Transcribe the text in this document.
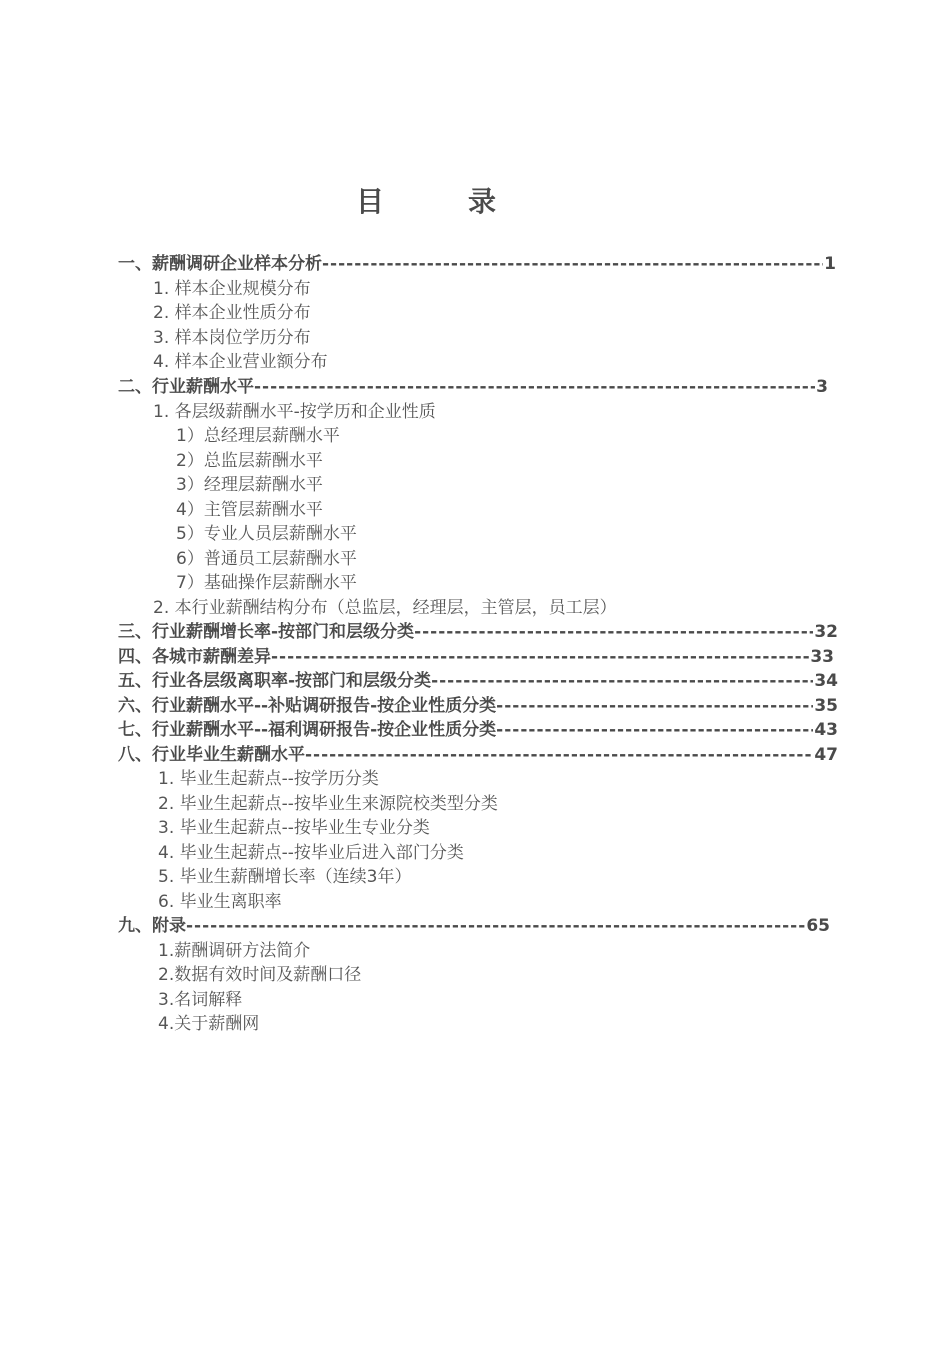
目　录
一、薪酬调研企业样本分析 -----	1
1. 样本企业规模分布
2. 样本企业性质分布
3. 样本岗位学历分布
4. 样本企业营业额分布
二、行业薪酬水平 -----	3
1. 各层级薪酬水平-按学历和企业性质
1）总经理层薪酬水平
2）总监层薪酬水平
3）经理层薪酬水平
4）主管层薪酬水平
5）专业人员层薪酬水平
6）普通员工层薪酬水平
7）基础操作层薪酬水平
2. 本行业薪酬结构分布（总监层，经理层，主管层，员工层）
三、行业薪酬增长率-按部门和层级分类 -----	32
四、各城市薪酬差异 -----	33
五、行业各层级离职率-按部门和层级分类 -----	34
六、行业薪酬水平--补贴调研报告-按企业性质分类 -----	35
七、行业薪酬水平--福利调研报告-按企业性质分类 -----	43
八、行业毕业生薪酬水平 -----	47
1. 毕业生起薪点--按学历分类
2. 毕业生起薪点--按毕业生来源院校类型分类
3. 毕业生起薪点--按毕业生专业分类
4. 毕业生起薪点--按毕业后进入部门分类
5. 毕业生薪酬增长率（连续3年）
6. 毕业生离职率
九、附录 -----	65
1.薪酬调研方法简介
2.数据有效时间及薪酬口径
3.名词解释
4.关于薪酬网
